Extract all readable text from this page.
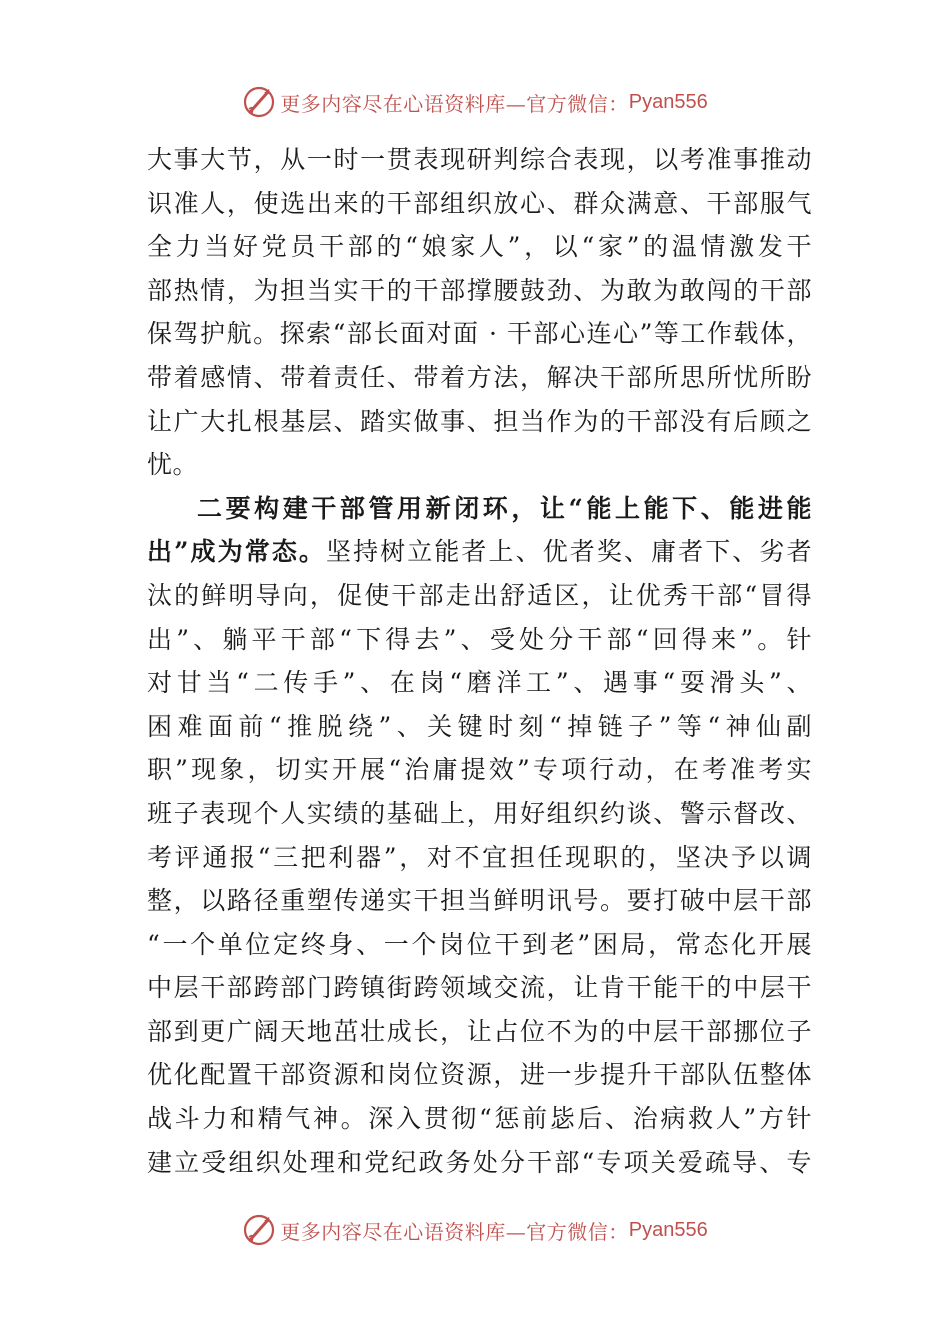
更多内容尽在心语资料库—官方微信： Pyan556
大事大节，从一时一贯表现研判综合表现，以考准事推动
识准人，使选出来的干部组织放心、群众满意、干部服气
全力当好党员干部的“娘家人”，以“家”的温情激发干
部热情，为担当实干的干部撑腰鼓劲、为敢为敢闯的干部
保驾护航。探索“部长面对面 · 干部心连心”等工作载体，
带着感情、带着责任、带着方法，解决干部所思所忧所盼
让广大扎根基层、踏实做事、担当作为的干部没有后顾之
忧。
二要构建干部管用新闭环，让“能上能下、能进能
出”成为常态。坚持树立能者上、优者奖、庸者下、劣者
汰的鲜明导向，促使干部走出舒适区，让优秀干部“冒得
出”、躺平干部“下得去”、受处分干部“回得来”。针
对甘当“二传手”、在岗“磨洋工”、遇事“耍滑头”、
困难面前“推脱绕”、关键时刻“掉链子”等“神仙副
职”现象，切实开展“治庸提效”专项行动，在考准考实
班子表现个人实绩的基础上，用好组织约谈、警示督改、
考评通报“三把利器”，对不宜担任现职的，坚决予以调
整，以路径重塑传递实干担当鲜明讯号。要打破中层干部
“一个单位定终身、一个岗位干到老”困局，常态化开展
中层干部跨部门跨镇街跨领域交流，让肯干能干的中层干
部到更广阔天地茁壮成长，让占位不为的中层干部挪位子
优化配置干部资源和岗位资源，进一步提升干部队伍整体
战斗力和精气神。深入贯彻“惩前毖后、治病救人”方针
建立受组织处理和党纪政务处分干部“专项关爱疏导、专
更多内容尽在心语资料库—官方微信： Pyan556
